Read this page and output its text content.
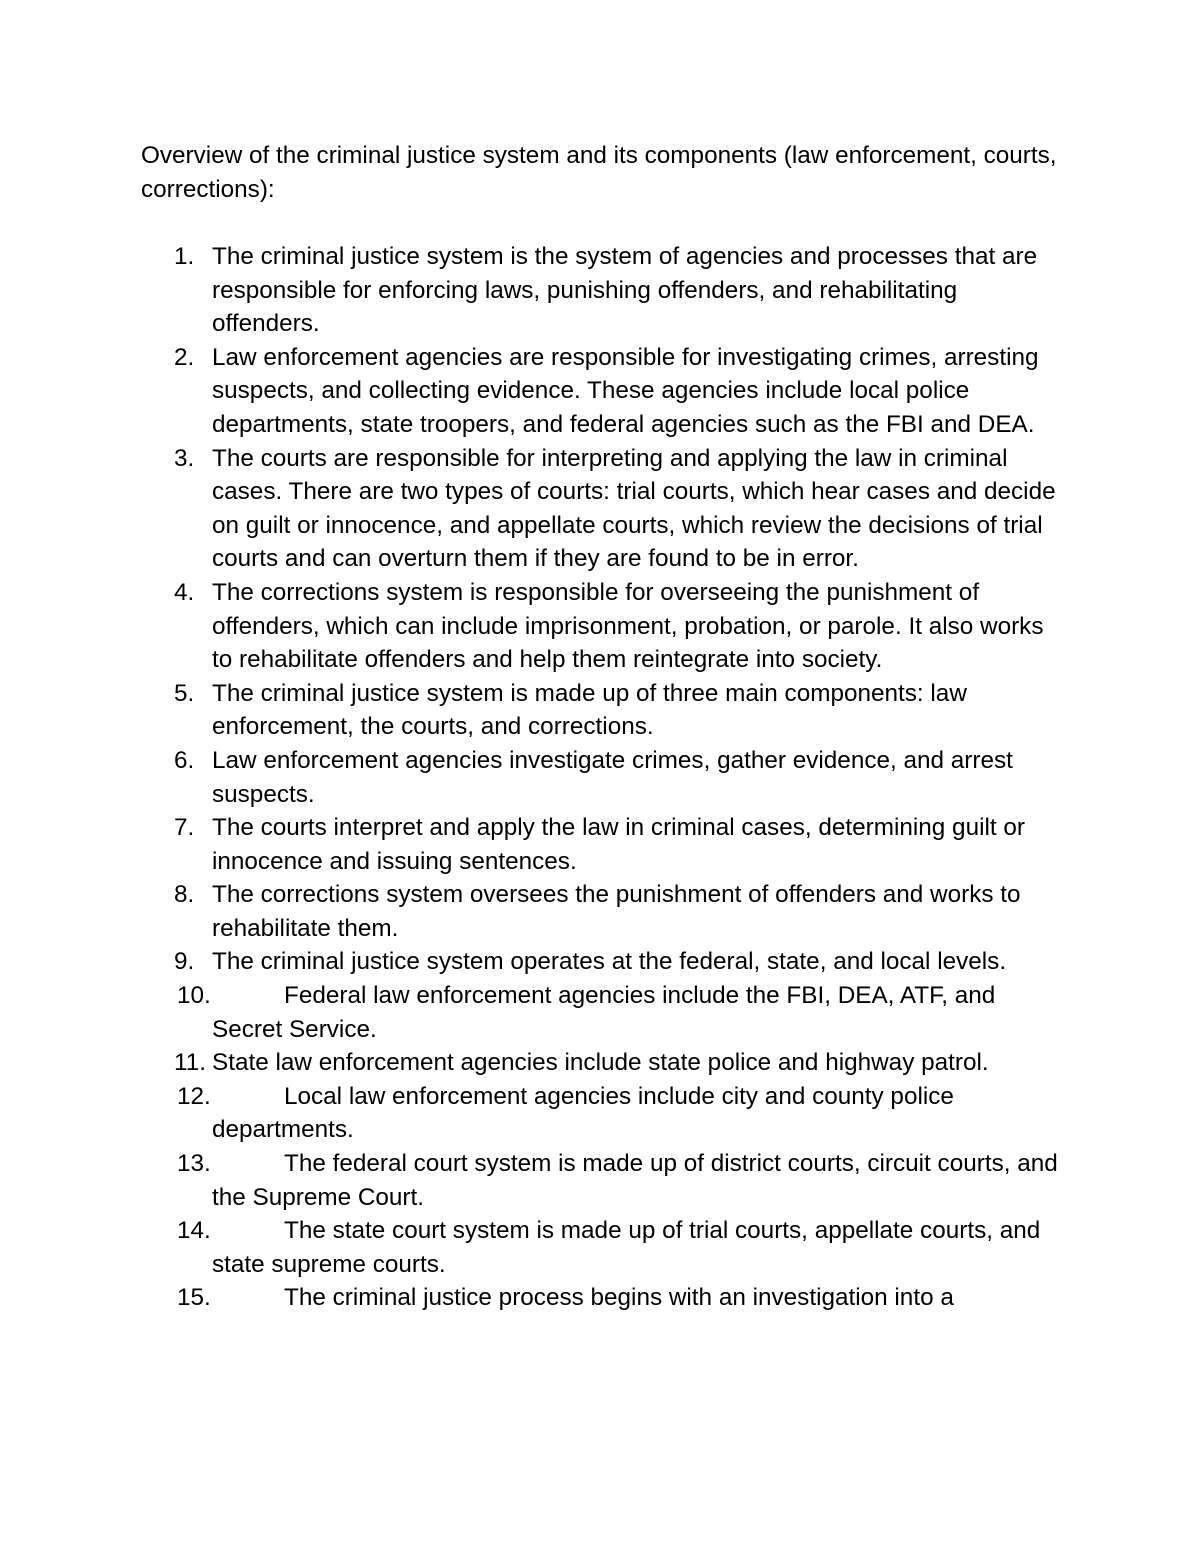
Overview of the criminal justice system and its components (law enforcement, courts, corrections):

1. The criminal justice system is the system of agencies and processes that are responsible for enforcing laws, punishing offenders, and rehabilitating offenders.
2. Law enforcement agencies are responsible for investigating crimes, arresting suspects, and collecting evidence. These agencies include local police departments, state troopers, and federal agencies such as the FBI and DEA.
3. The courts are responsible for interpreting and applying the law in criminal cases. There are two types of courts: trial courts, which hear cases and decide on guilt or innocence, and appellate courts, which review the decisions of trial courts and can overturn them if they are found to be in error.
4. The corrections system is responsible for overseeing the punishment of offenders, which can include imprisonment, probation, or parole. It also works to rehabilitate offenders and help them reintegrate into society.
5. The criminal justice system is made up of three main components: law enforcement, the courts, and corrections.
6. Law enforcement agencies investigate crimes, gather evidence, and arrest suspects.
7. The courts interpret and apply the law in criminal cases, determining guilt or innocence and issuing sentences.
8. The corrections system oversees the punishment of offenders and works to rehabilitate them.
9. The criminal justice system operates at the federal, state, and local levels.
10.	Federal law enforcement agencies include the FBI, DEA, ATF, and Secret Service.
11. State law enforcement agencies include state police and highway patrol.
12.	Local law enforcement agencies include city and county police departments.
13.	The federal court system is made up of district courts, circuit courts, and the Supreme Court.
14.	The state court system is made up of trial courts, appellate courts, and state supreme courts.
15.	The criminal justice process begins with an investigation into a
